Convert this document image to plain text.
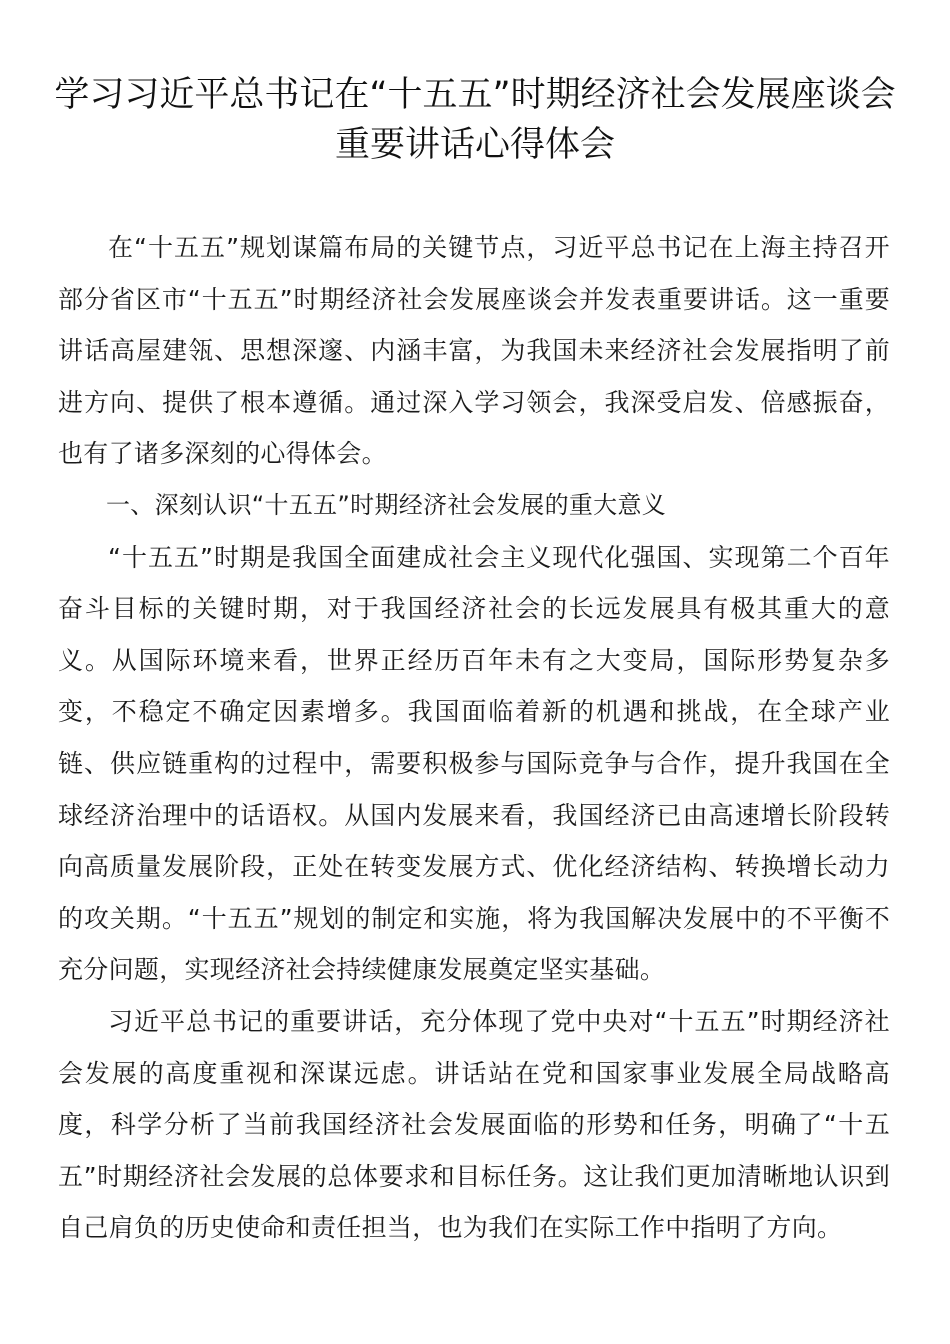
学习习近平总书记在“十五五”时期经济社会发展座谈会重要讲话心得体会

在“十五五”规划谋篇布局的关键节点，习近平总书记在上海主持召开部分省区市“十五五”时期经济社会发展座谈会并发表重要讲话。这一重要讲话高屋建瓴、思想深邃、内涵丰富，为我国未来经济社会发展指明了前进方向、提供了根本遵循。通过深入学习领会，我深受启发、倍感振奋，也有了诸多深刻的心得体会。

一、深刻认识“十五五”时期经济社会发展的重大意义

“十五五”时期是我国全面建成社会主义现代化强国、实现第二个百年奋斗目标的关键时期，对于我国经济社会的长远发展具有极其重大的意义。从国际环境来看，世界正经历百年未有之大变局，国际形势复杂多变，不稳定不确定因素增多。我国面临着新的机遇和挑战，在全球产业链、供应链重构的过程中，需要积极参与国际竞争与合作，提升我国在全球经济治理中的话语权。从国内发展来看，我国经济已由高速增长阶段转向高质量发展阶段，正处在转变发展方式、优化经济结构、转换增长动力的攻关期。“十五五”规划的制定和实施，将为我国解决发展中的不平衡不充分问题，实现经济社会持续健康发展奠定坚实基础。

习近平总书记的重要讲话，充分体现了党中央对“十五五”时期经济社会发展的高度重视和深谋远虑。讲话站在党和国家事业发展全局战略高度，科学分析了当前我国经济社会发展面临的形势和任务，明确了“十五五”时期经济社会发展的总体要求和目标任务。这让我们更加清晰地认识到自己肩负的历史使命和责任担当，也为我们在实际工作中指明了方向。
